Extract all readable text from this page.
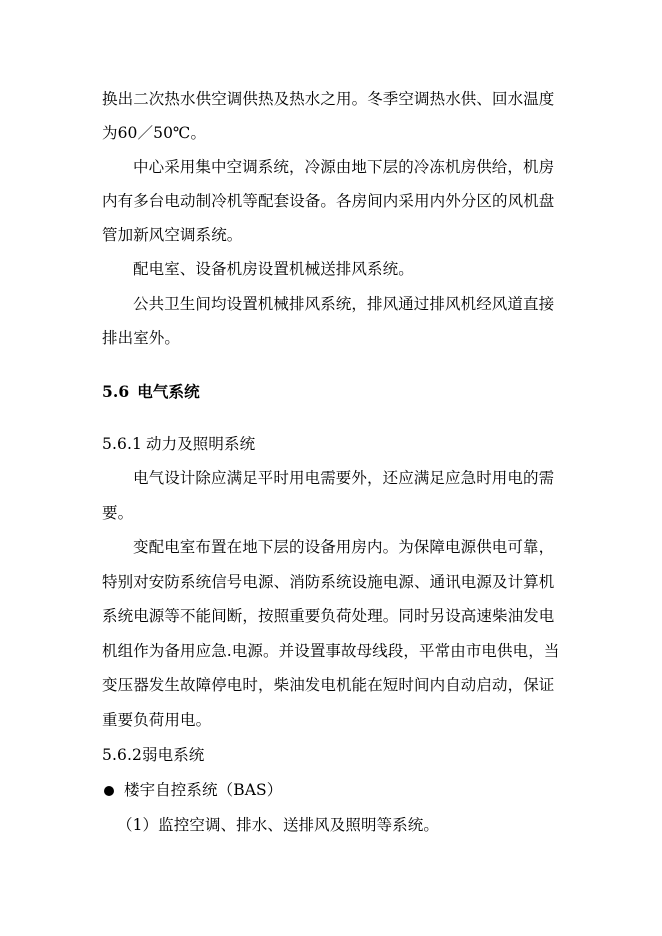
换出二次热水供空调供热及热水之用。冬季空调热水供、回水温度
为60／50℃。
中心采用集中空调系统，冷源由地下层的冷冻机房供给，机房
内有多台电动制冷机等配套设备。各房间内采用内外分区的风机盘
管加新风空调系统。
配电室、设备机房设置机械送排风系统。
公共卫生间均设置机械排风系统，排风通过排风机经风道直接
排出室外。
5.6 电气系统
5.6.1 动力及照明系统
电气设计除应满足平时用电需要外，还应满足应急时用电的需
要。
变配电室布置在地下层的设备用房内。为保障电源供电可靠，
特别对安防系统信号电源、消防系统设施电源、通讯电源及计算机
系统电源等不能间断，按照重要负荷处理。同时另设高速柴油发电
机组作为备用应急.电源。并设置事故母线段，平常由市电供电，当
变压器发生故障停电时，柴油发电机能在短时间内自动启动，保证
重要负荷用电。
5.6.2弱电系统
楼宇自控系统（BAS）
（1）监控空调、排水、送排风及照明等系统。
